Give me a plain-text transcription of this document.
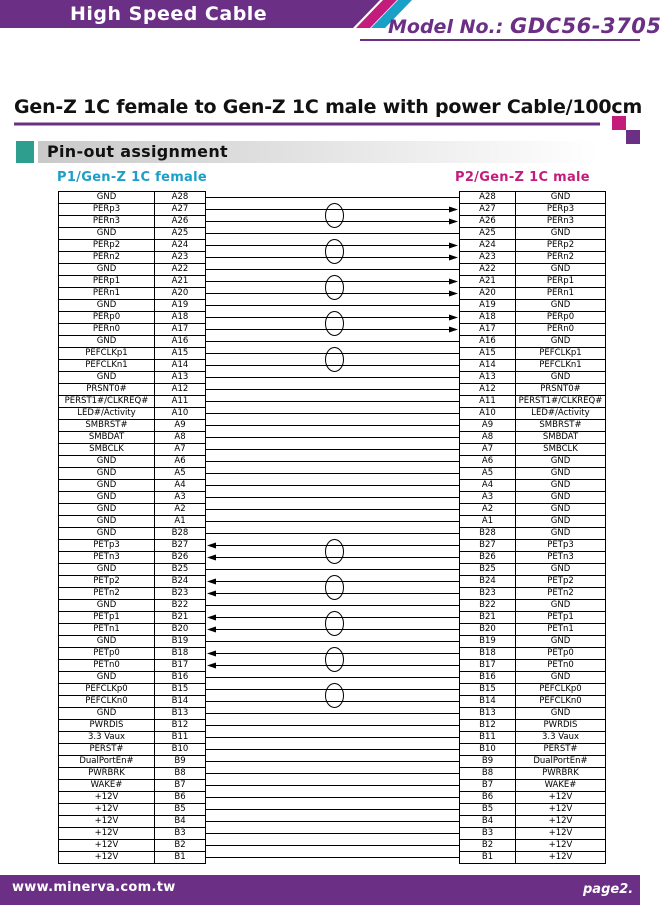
High Speed Cable
Model No.: GDC56-3705
Gen-Z 1C female to Gen-Z 1C male with power Cable/100cm
Pin-out assignment
P1/Gen-Z 1C female	P2/Gen-Z 1C male
GND	A28
PERp3	A27
PERn3	A26
GND	A25
PERp2	A24
PERn2	A23
GND	A22
PERp1	A21
PERn1	A20
GND	A19
PERp0	A18
PERn0	A17
GND	A16
PEFCLKp1	A15
PEFCLKn1	A14
GND	A13
PRSNT0#	A12
PERST1#/CLKREQ#	A11
LED#/Activity	A10
SMBRST#	A9
SMBDAT	A8
SMBCLK	A7
GND	A6
GND	A5
GND	A4
GND	A3
GND	A2
GND	A1
GND	B28
PETp3	B27
PETn3	B26
GND	B25
PETp2	B24
PETn2	B23
GND	B22
PETp1	B21
PETn1	B20
GND	B19
PETp0	B18
PETn0	B17
GND	B16
PEFCLKp0	B15
PEFCLKn0	B14
GND	B13
PWRDIS	B12
3.3 Vaux	B11
PERST#	B10
DualPortEn#	B9
PWRBRK	B8
WAKE#	B7
+12V	B6
+12V	B5
+12V	B4
+12V	B3
+12V	B2
+12V	B1
A28	GND
A27	PERp3
A26	PERn3
A25	GND
A24	PERp2
A23	PERn2
A22	GND
A21	PERp1
A20	PERn1
A19	GND
A18	PERp0
A17	PERn0
A16	GND
A15	PEFCLKp1
A14	PEFCLKn1
A13	GND
A12	PRSNT0#
A11	PERST1#/CLKREQ#
A10	LED#/Activity
A9	SMBRST#
A8	SMBDAT
A7	SMBCLK
A6	GND
A5	GND
A4	GND
A3	GND
A2	GND
A1	GND
B28	GND
B27	PETp3
B26	PETn3
B25	GND
B24	PETp2
B23	PETn2
B22	GND
B21	PETp1
B20	PETn1
B19	GND
B18	PETp0
B17	PETn0
B16	GND
B15	PEFCLKp0
B14	PEFCLKn0
B13	GND
B12	PWRDIS
B11	3.3 Vaux
B10	PERST#
B9	DualPortEn#
B8	PWRBRK
B7	WAKE#
B6	+12V
B5	+12V
B4	+12V
B3	+12V
B2	+12V
B1	+12V
www.minerva.com.tw	page2.
